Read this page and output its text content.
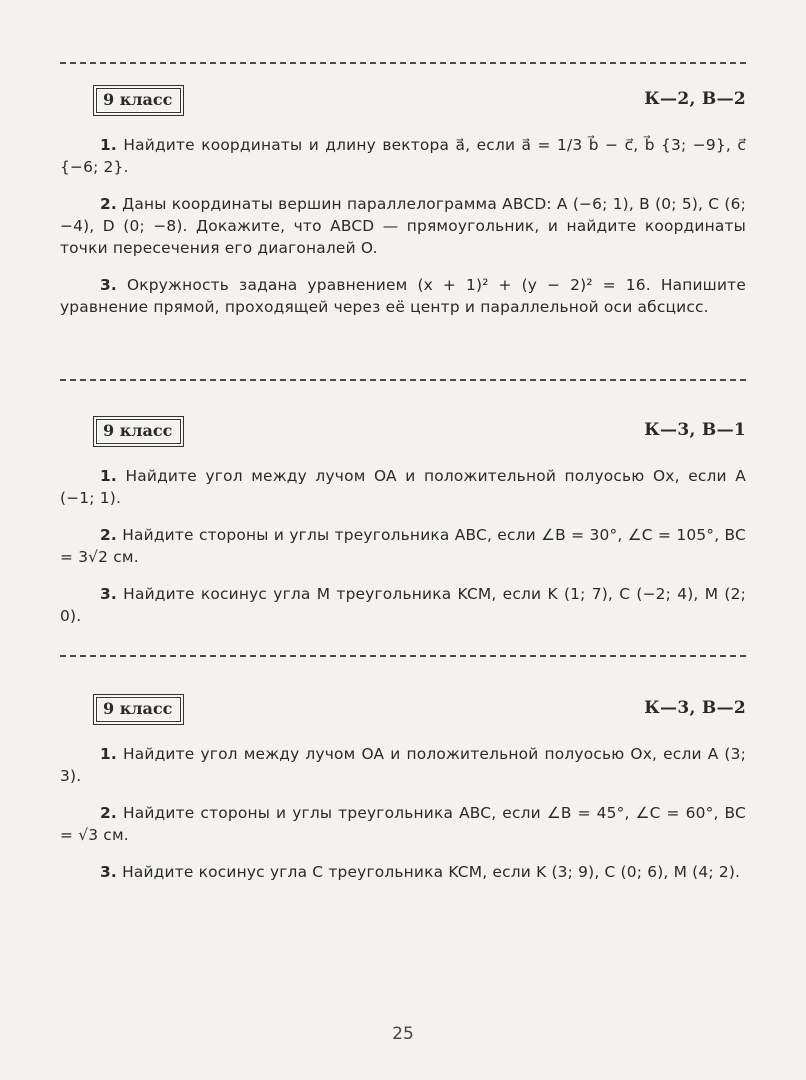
9 класс	К—2, В—2

1. Найдите координаты и длину вектора a⃗, если a⃗ = 1/3 b⃗ − c⃗, b⃗ {3; −9}, c⃗ {−6; 2}.

2. Даны координаты вершин параллелограмма ABCD: A (−6; 1), B (0; 5), C (6; −4), D (0; −8). Докажите, что ABCD — прямоугольник, и найдите координаты точки пересечения его диагоналей O.

3. Окружность задана уравнением (x + 1)² + (y − 2)² = 16. Напишите уравнение прямой, проходящей через её центр и параллельной оси абсцисс.

9 класс	К—3, В—1

1. Найдите угол между лучом OA и положительной полуосью Ox, если A (−1; 1).

2. Найдите стороны и углы треугольника ABC, если ∠B = 30°, ∠C = 105°, BC = 3√2 см.

3. Найдите косинус угла M треугольника KCM, если K (1; 7), C (−2; 4), M (2; 0).

9 класс	К—3, В—2

1. Найдите угол между лучом OA и положительной полуосью Ox, если A (3; 3).

2. Найдите стороны и углы треугольника ABC, если ∠B = 45°, ∠C = 60°, BC = √3 см.

3. Найдите косинус угла C треугольника KCM, если K (3; 9), C (0; 6), M (4; 2).

25
